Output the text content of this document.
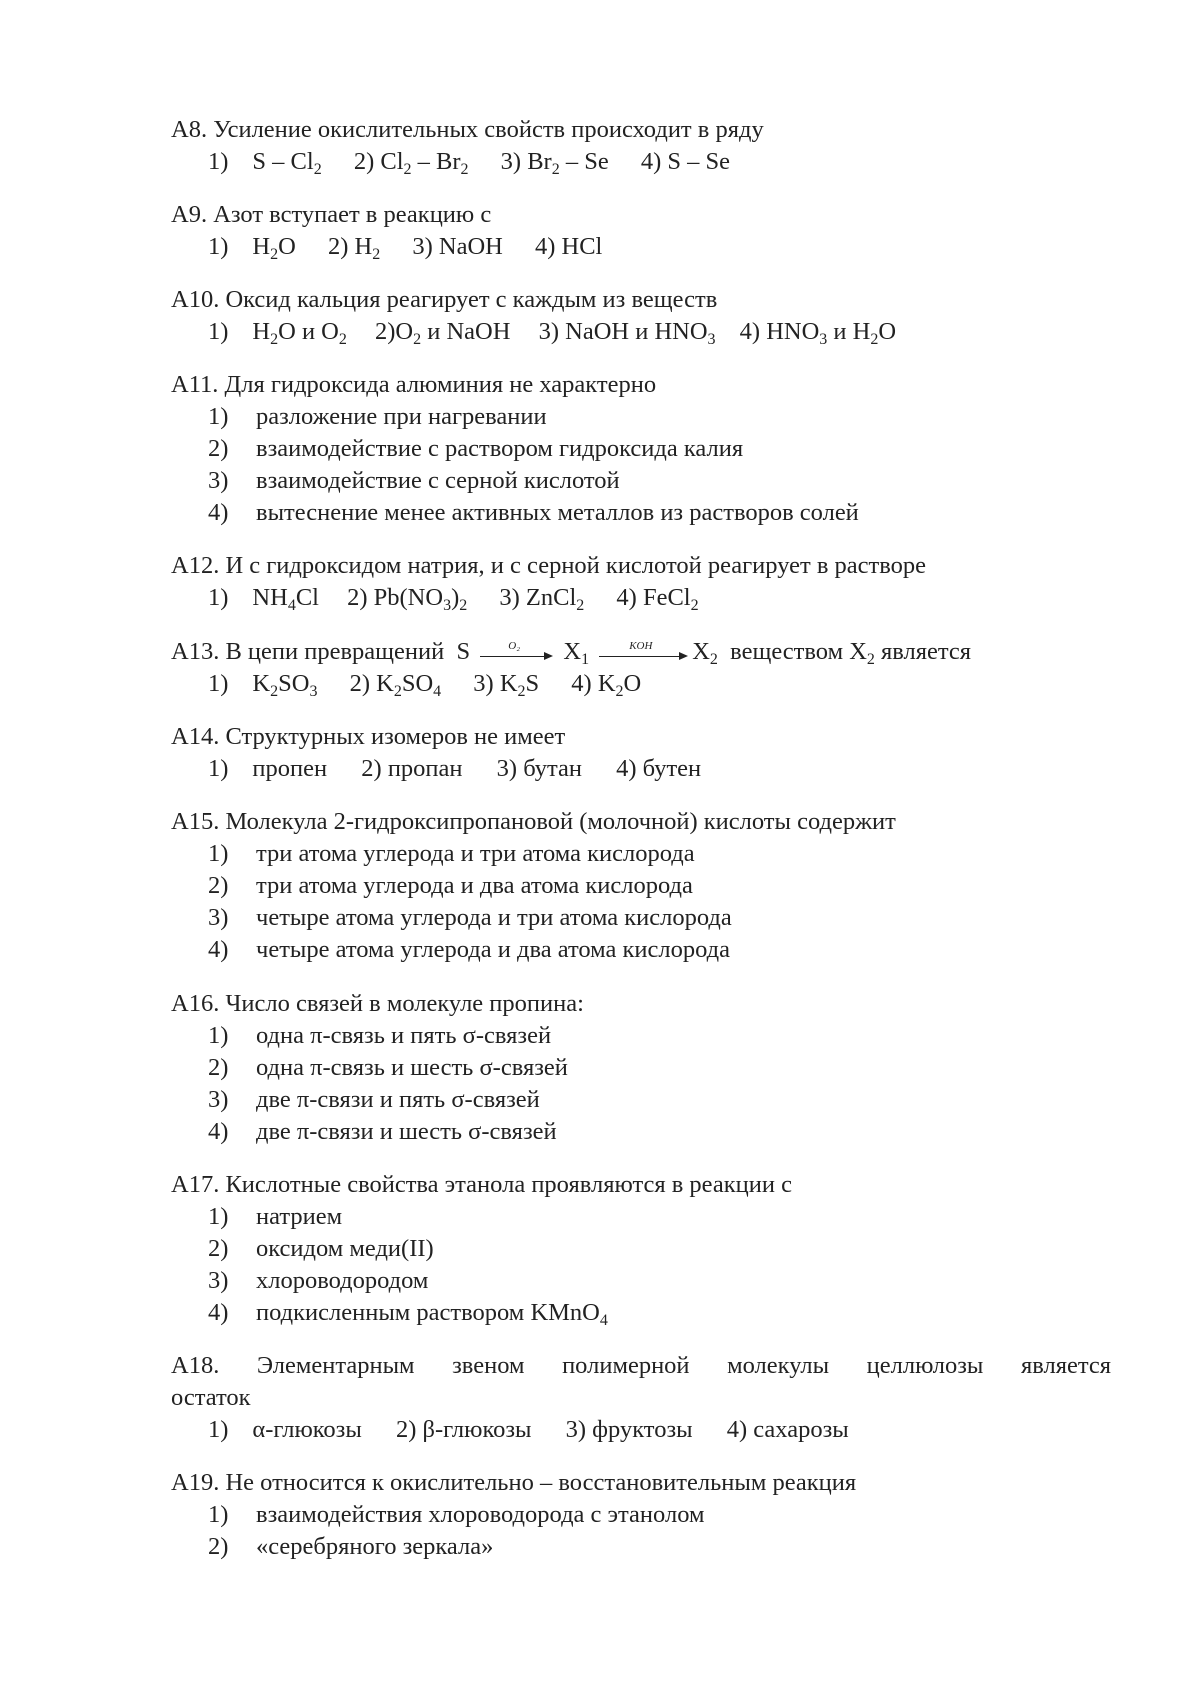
А8. Усиление окислительных свойств происходит в ряду
1) S – $Cl_2$ 2) $Cl_2 - Br_2$ 3) $Br_2$ – Se 4) S – Se
А9. Азот вступает в реакцию с
1) $H_2O$ 2) $H_2$ 3) NaOH 4) HCl
А10. Оксид кальция реагирует с каждым из веществ
1) $H_2O$ и $O_2$ $2)O_2$ и NaOH 3) NaOH и $HNO_3$ 4) $HNO_3$ и $H_2O$
А11. Для гидроксида алюминия не характерно
1) разложение при нагревании
2) взаимодействие с раствором гидроксида калия
3) взаимодействие с серной кислотой
4) вытеснение менее активных металлов из растворов солей
А12. И с гидроксидом натрия, и с серной кислотой реагирует в растворе
1) $NH_4Cl$ 2) $Pb(NO_3)_2$ 3) ZnCl$_2$ 4) FeCl$_2$
А13. В цепи превращений  S	O₂ $X_1$
KOH $X_2$  веществом $X_2$ является
1) $K_2SO_3$ 2) $K_2SO_4$ 3) $K_2S$ 4) $K_2O$
А14. Структурных изомеров не имеет
1) пропен 2) пропан 3) бутан 4) бутен
А15. Молекула 2-гидроксипропановой (молочной) кислоты содержит
1) три атома углерода и три атома кислорода
2) три атома углерода и два атома кислорода
3) четыре атома углерода и три атома кислорода
4) четыре атома углерода и два атома кислорода
А16. Число связей в молекуле пропина:
1) одна π-связь и пять σ-связей
2) одна π-связь и шесть σ-связей
3) две π-связи и пять σ-связей
4) две π-связи и шесть σ-связей
А17. Кислотные свойства этанола проявляются в реакции с
1) натрием
2) оксидом меди(II)
3) хлороводородом
4) подкисленным раствором KMnO$_4$
А18. Элементарным звеном полимерной молекулы целлюлозы является
остаток
1) α-глюкозы 2) β-глюкозы 3) фруктозы 4) сахарозы
А19. Не относится к окислительно – восстановительным реакция
1) взаимодействия хлороводорода с этанолом
2) «серебряного зеркала»
